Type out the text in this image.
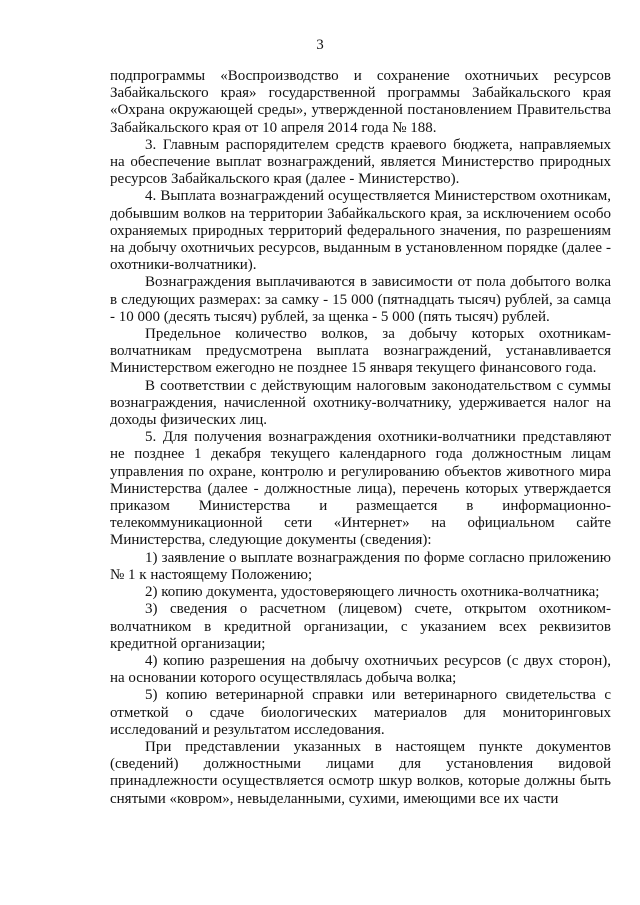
3

подпрограммы «Воспроизводство и сохранение охотничьих ресурсов Забайкальского края» государственной программы Забайкальского края «Охрана окружающей среды», утвержденной постановлением Правительства Забайкальского края от 10 апреля 2014 года № 188.

3. Главным распорядителем средств краевого бюджета, направляемых на обеспечение выплат вознаграждений, является Министерство природных ресурсов Забайкальского края (далее - Министерство).

4. Выплата вознаграждений осуществляется Министерством охотникам, добывшим волков на территории Забайкальского края, за исключением особо охраняемых природных территорий федерального значения, по разрешениям на добычу охотничьих ресурсов, выданным в установленном порядке (далее - охотники-волчатники).

Вознаграждения выплачиваются в зависимости от пола добытого волка в следующих размерах: за самку - 15 000 (пятнадцать тысяч) рублей, за самца - 10 000 (десять тысяч) рублей, за щенка - 5 000 (пять тысяч) рублей.

Предельное количество волков, за добычу которых охотникам-волчатникам предусмотрена выплата вознаграждений, устанавливается Министерством ежегодно не позднее 15 января текущего финансового года.

В соответствии с действующим налоговым законодательством с суммы вознаграждения, начисленной охотнику-волчатнику, удерживается налог на доходы физических лиц.

5. Для получения вознаграждения охотники-волчатники представляют не позднее 1 декабря текущего календарного года должностным лицам управления по охране, контролю и регулированию объектов животного мира Министерства (далее - должностные лица), перечень которых утверждается приказом Министерства и размещается в информационно-телекоммуникационной сети «Интернет» на официальном сайте Министерства, следующие документы (сведения):

1) заявление о выплате вознаграждения по форме согласно приложению № 1 к настоящему Положению;

2) копию документа, удостоверяющего личность охотника-волчатника;

3) сведения о расчетном (лицевом) счете, открытом охотником-волчатником в кредитной организации, с указанием всех реквизитов кредитной организации;

4) копию разрешения на добычу охотничьих ресурсов (с двух сторон), на основании которого осуществлялась добыча волка;

5) копию ветеринарной справки или ветеринарного свидетельства с отметкой о сдаче биологических материалов для мониторинговых исследований и результатом исследования.

При представлении указанных в настоящем пункте документов (сведений) должностными лицами для установления видовой принадлежности осуществляется осмотр шкур волков, которые должны быть снятыми «ковром», невыделанными, сухими, имеющими все их части
